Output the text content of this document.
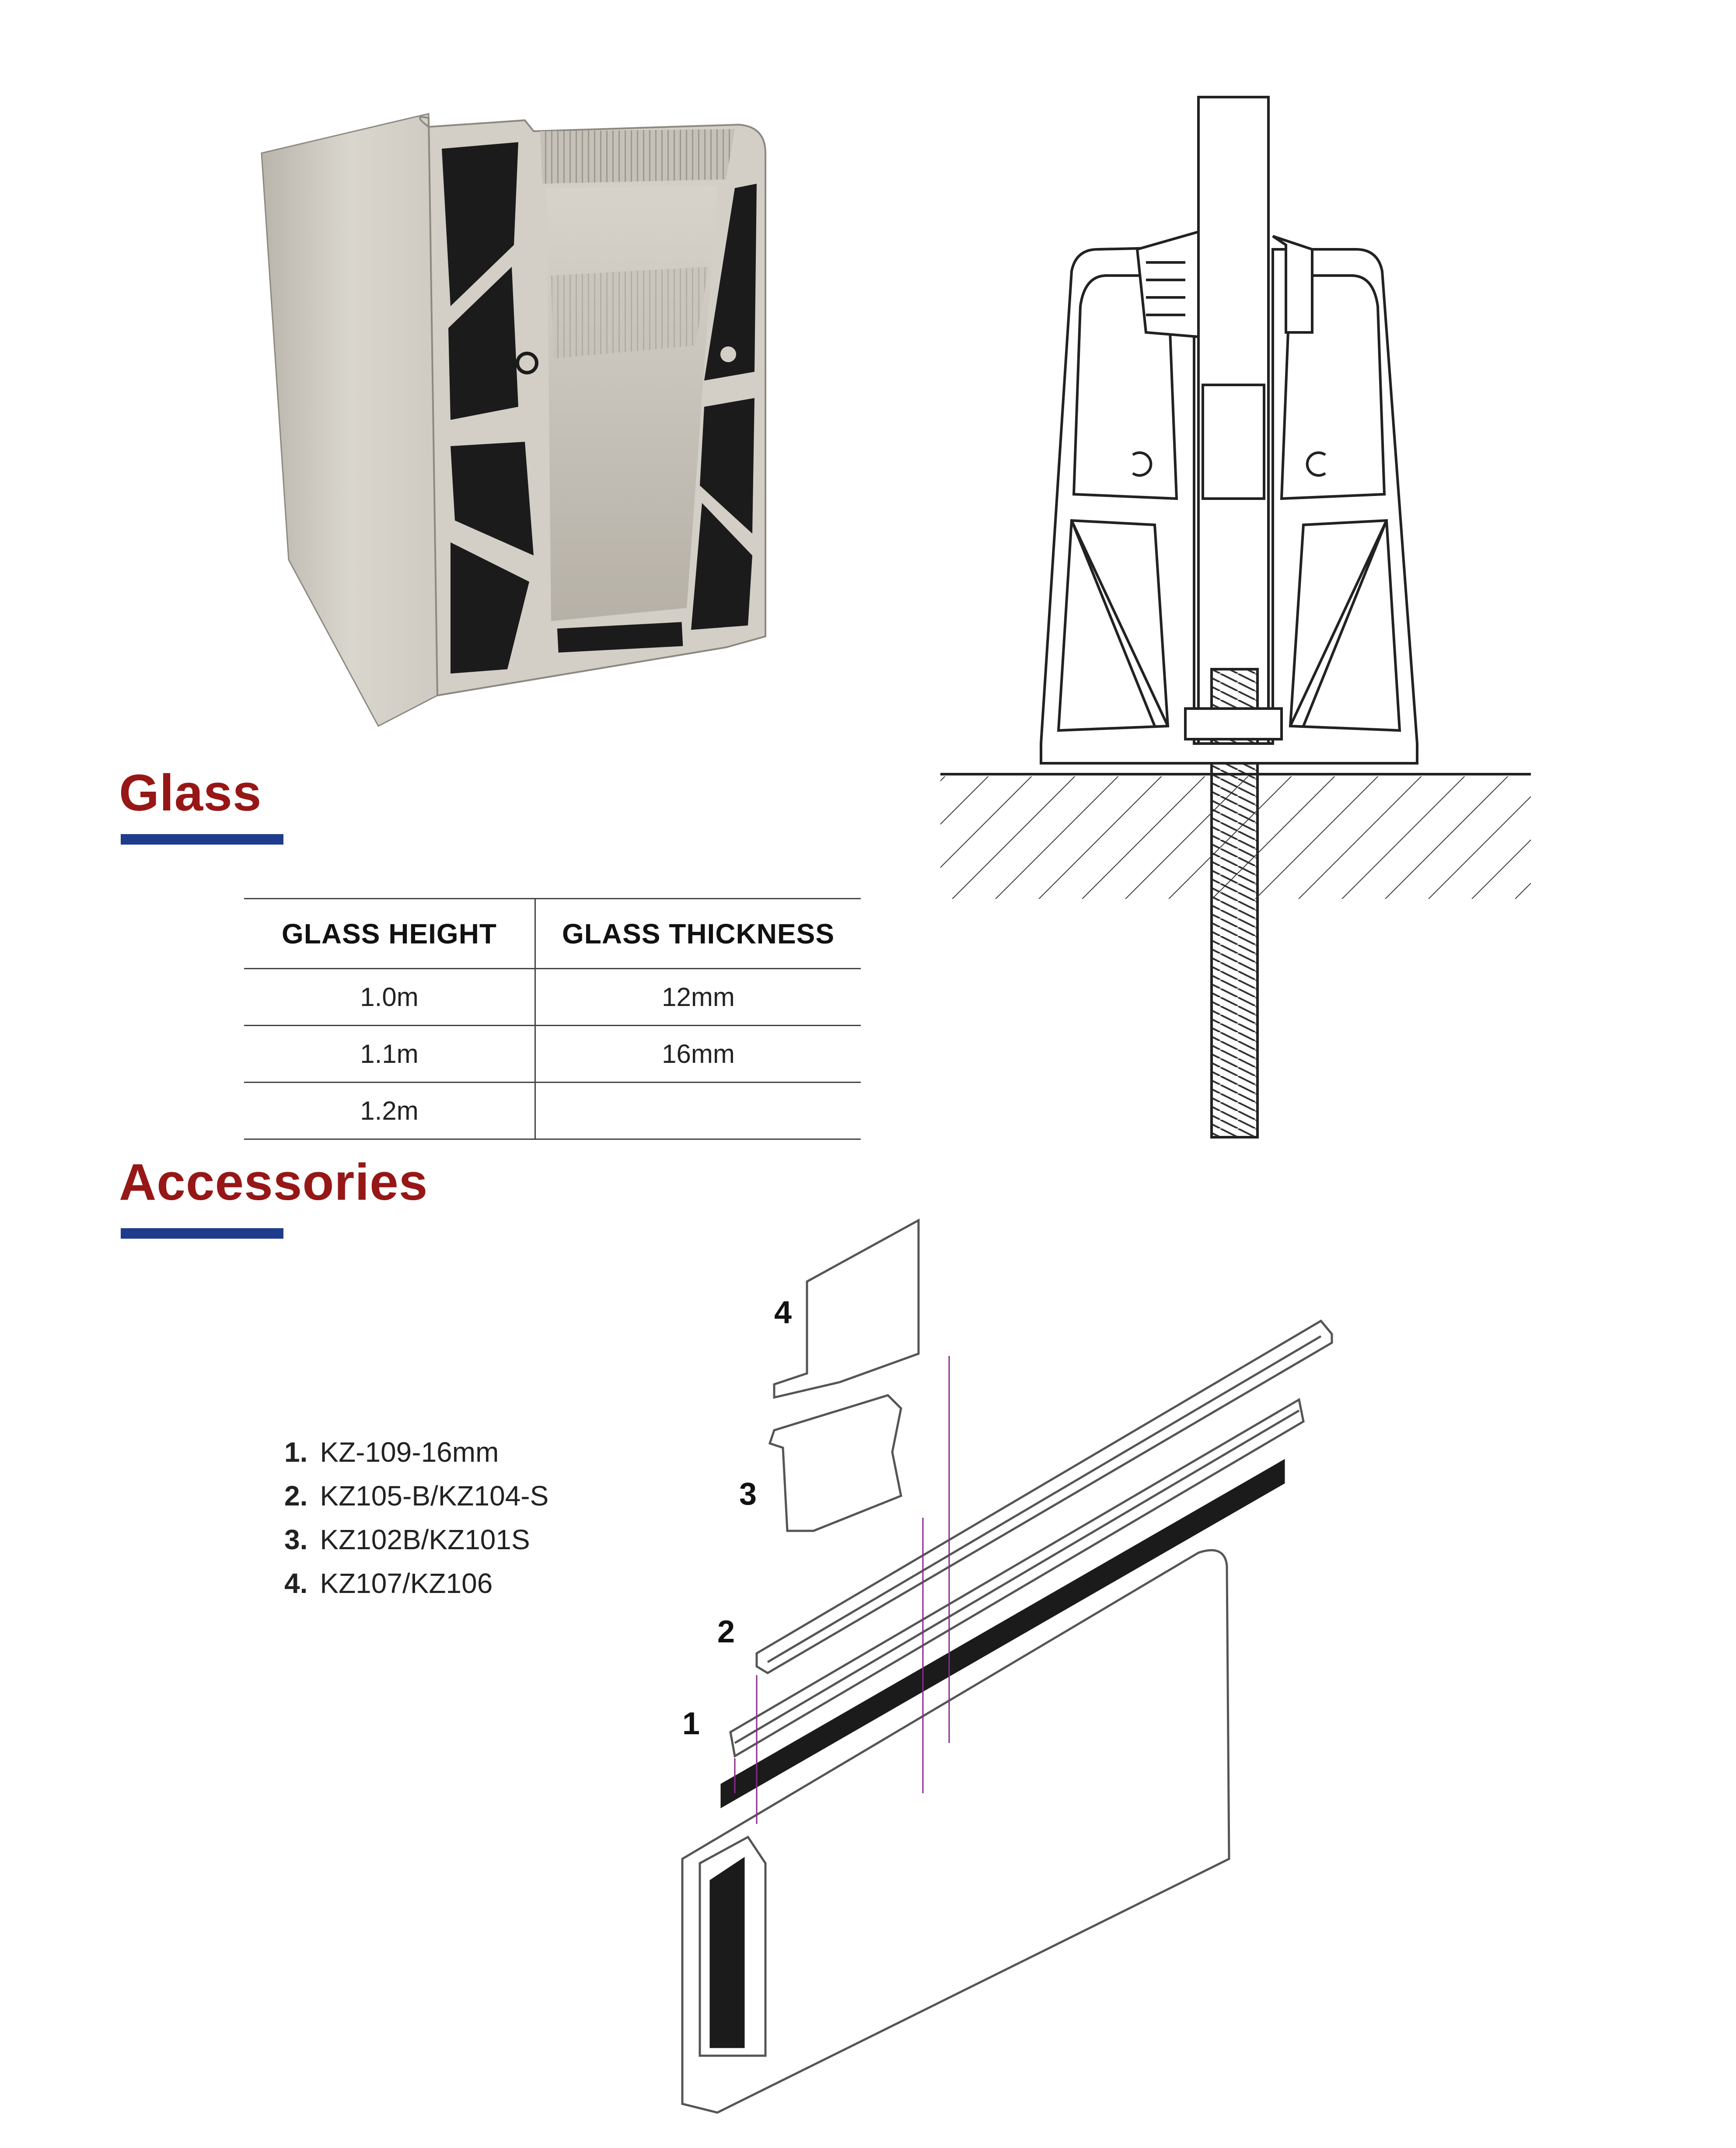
Glass
GLASS HEIGHT	GLASS THICKNESS
1.0m	12mm
1.1m	16mm
1.2m	
Accessories
1. KZ-109-16mm
2. KZ105-B/KZ104-S
3. KZ102B/KZ101S
4. KZ107/KZ106
4
3
2
1
